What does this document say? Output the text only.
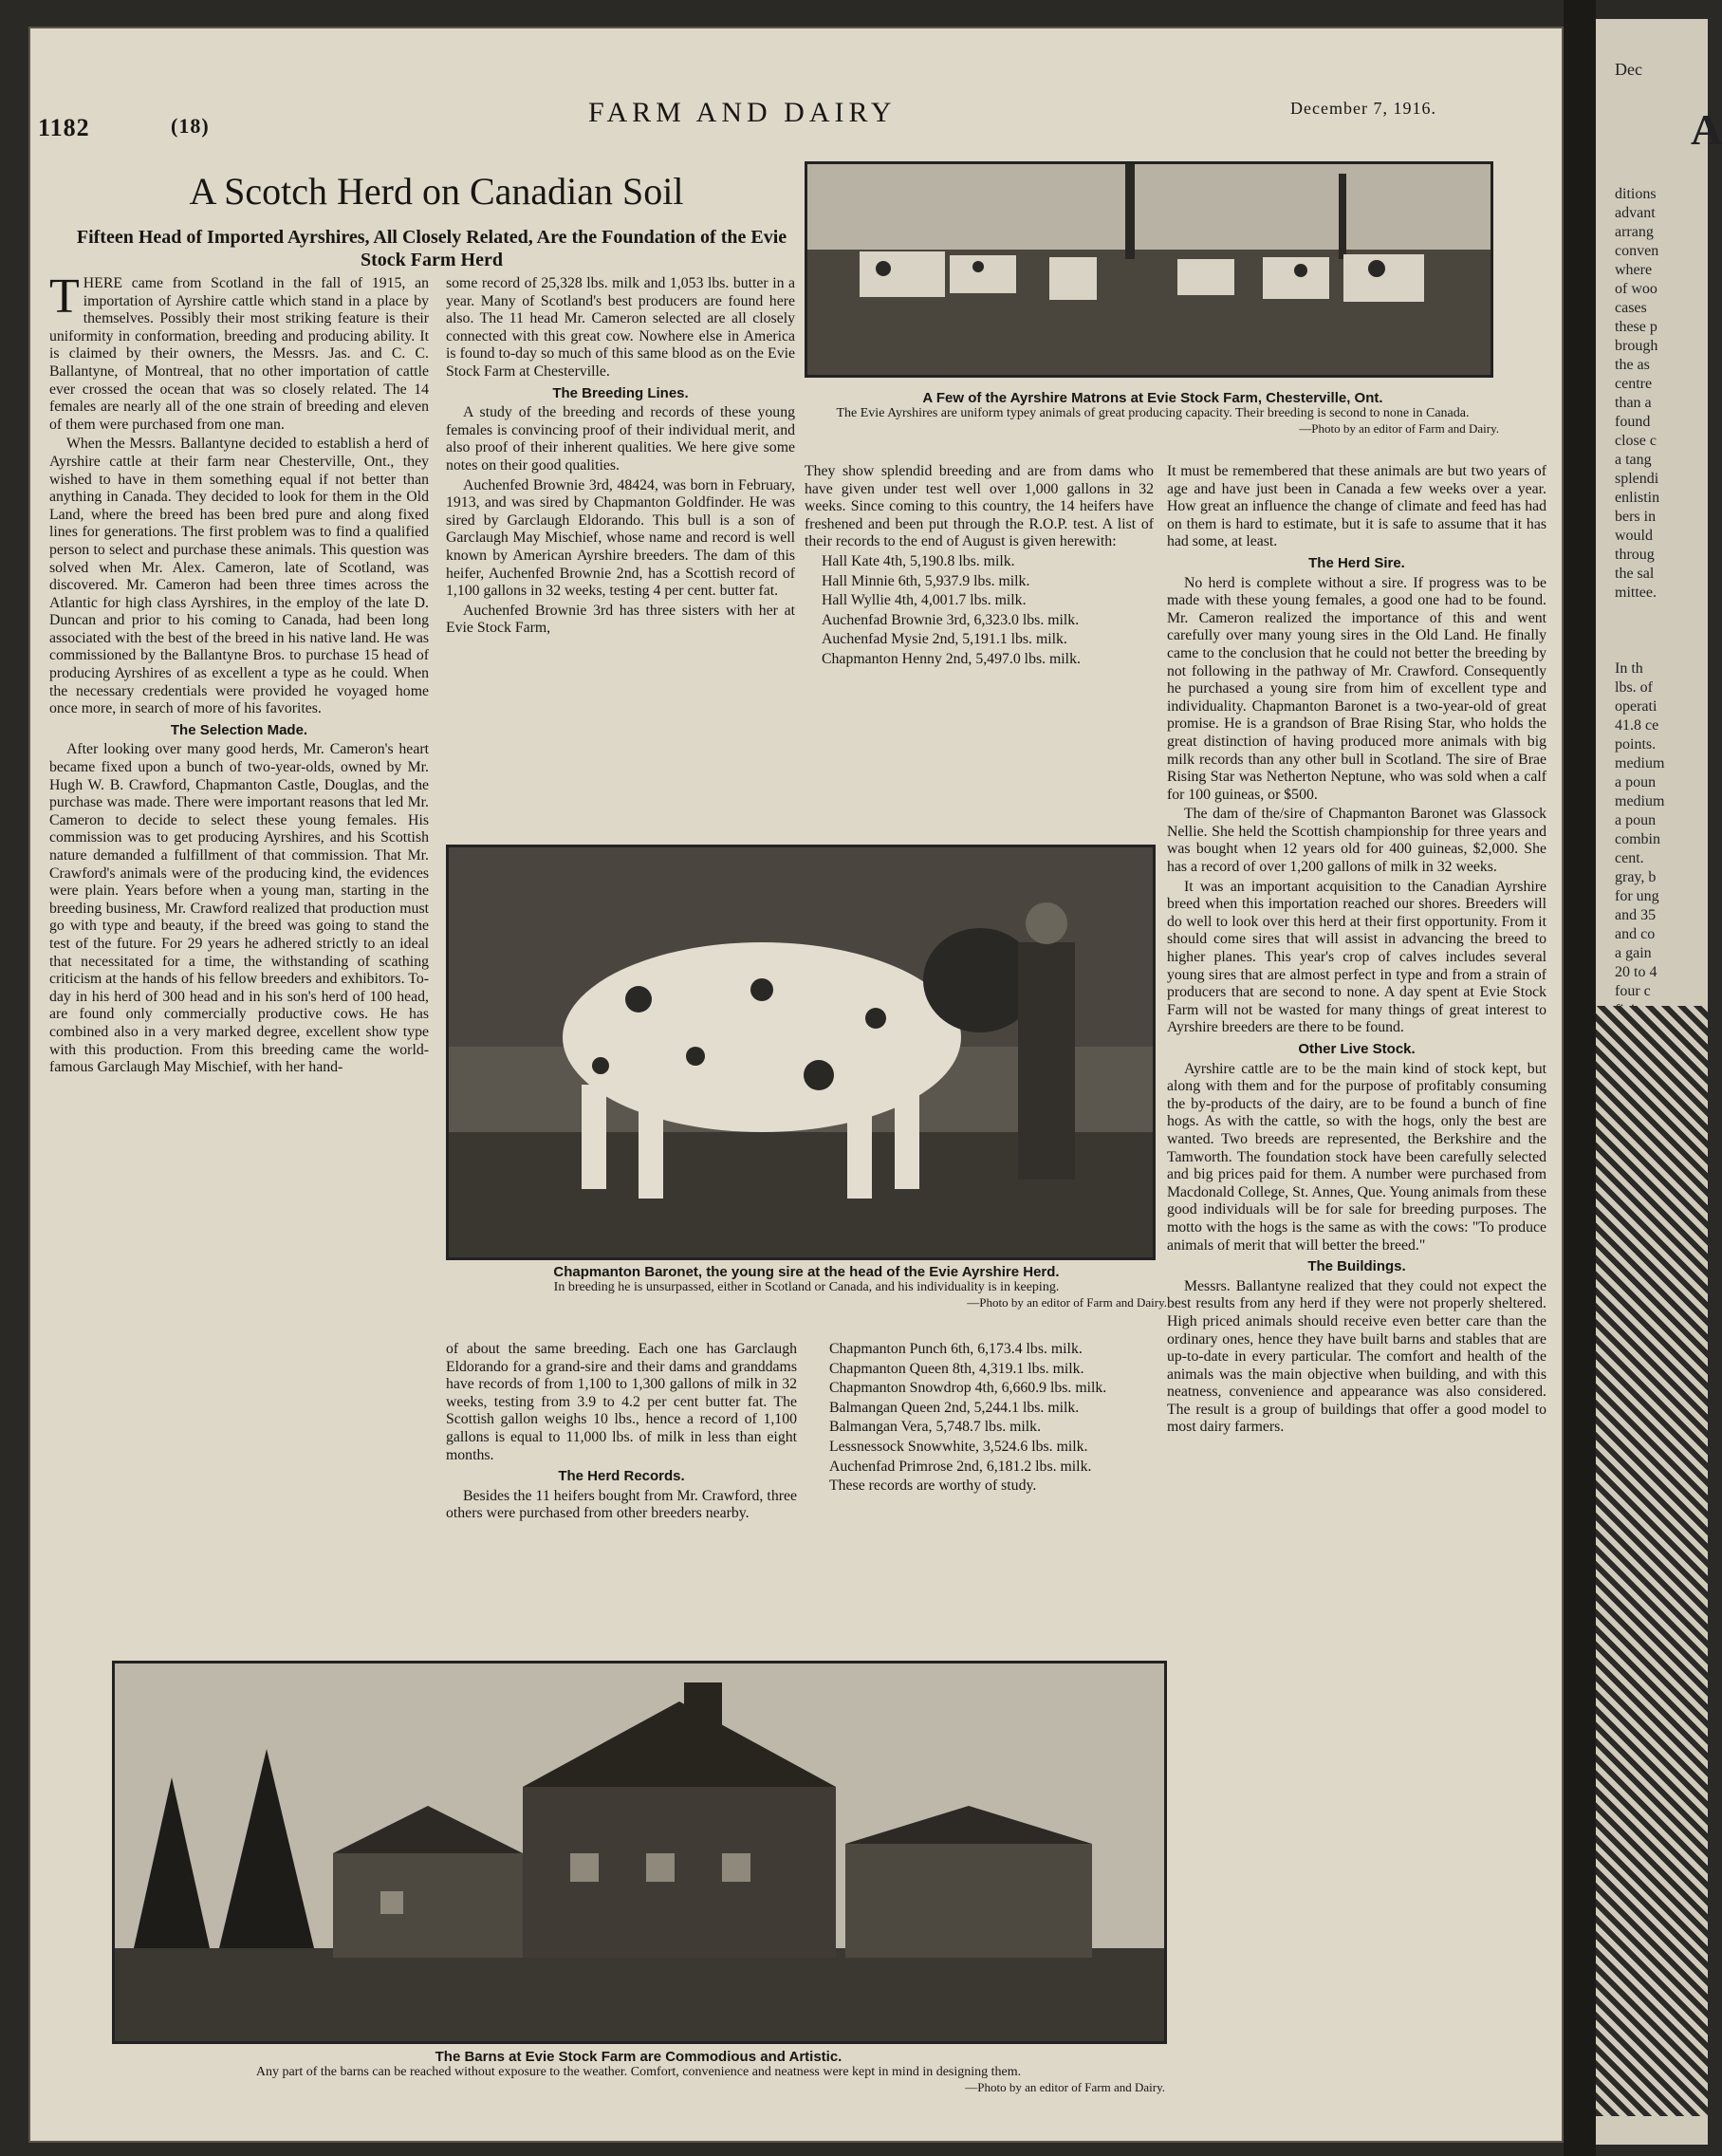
1182	(18)	FARM AND DAIRY	December 7, 1916.
A Scotch Herd on Canadian Soil
Fifteen Head of Imported Ayrshires, All Closely Related, Are the Foundation of the Evie Stock Farm Herd

THERE came from Scotland in the fall of 1915, an importation of Ayrshire cattle which stand in a place by themselves. Possibly their most striking feature is their uniformity in conformation, breeding and producing ability. It is claimed by their owners, the Messrs. Jas. and C. C. Ballantyne, of Montreal, that no other importation of cattle ever crossed the ocean that was so closely related. The 14 females are nearly all of the one strain of breeding and eleven of them were purchased from one man.

When the Messrs. Ballantyne decided to establish a herd of Ayrshire cattle at their farm near Chesterville, Ont., they wished to have in them something equal if not better than anything in Canada. They decided to look for them in the Old Land, where the breed has been bred pure and along fixed lines for generations. The first problem was to find a qualified person to select and purchase these animals. This question was solved when Mr. Alex. Cameron, late of Scotland, was discovered. Mr. Cameron had been three times across the Atlantic for high class Ayrshires, in the employ of the late D. Duncan and prior to his coming to Canada, had been long associated with the best of the breed in his native land. He was commissioned by the Ballantyne Bros. to purchase 15 head of producing Ayrshires of as excellent a type as he could. When the necessary credentials were provided he voyaged home once more, in search of more of his favorites.

The Selection Made.

After looking over many good herds, Mr. Cameron's heart became fixed upon a bunch of two-year-olds, owned by Mr. Hugh W. B. Crawford, Chapmanton Castle, Douglas, and the purchase was made. There were important reasons that led Mr. Cameron to decide to select these young females. His commission was to get producing Ayrshires, and his Scottish nature demanded a fulfillment of that commission. That Mr. Crawford's animals were of the producing kind, the evidences were plain. Years before when a young man, starting in the breeding business, Mr. Crawford realized that production must go with type and beauty, if the breed was going to stand the test of the future. For 29 years he adhered strictly to an ideal that necessitated for a time, the withstanding of scathing criticism at the hands of his fellow breeders and exhibitors. To-day in his herd of 300 head and in his son's herd of 100 head, are found only commercially productive cows. He has combined also in a very marked degree, excellent show type with this production. From this breeding came the world-famous Garclaugh May Mischief, with her hand-

some record of 25,328 lbs. milk and 1,053 lbs. butter in a year. Many of Scotland's best producers are found here also. The 11 head Mr. Cameron selected are all closely connected with this great cow. Nowhere else in America is found to-day so much of this same blood as on the Evie Stock Farm at Chesterville.

The Breeding Lines.

A study of the breeding and records of these young females is convincing proof of their individual merit, and also proof of their inherent qualities. We here give some notes on their good qualities.

Auchenfed Brownie 3rd, 48424, was born in February, 1913, and was sired by Chapmanton Goldfinder. He was sired by Garclaugh Eldorando. This bull is a son of Garclaugh May Mischief, whose name and record is well known by American Ayrshire breeders. The dam of this heifer, Auchenfed Brownie 2nd, has a Scottish record of 1,100 gallons in 32 weeks, testing 4 per cent. butter fat.

Auchenfed Brownie 3rd has three sisters with her at Evie Stock Farm,

A Few of the Ayrshire Matrons at Evie Stock Farm, Chesterville, Ont.
The Evie Ayrshires are uniform typey animals of great producing capacity. Their breeding is second to none in Canada.
—Photo by an editor of Farm and Dairy.

They show splendid breeding and are from dams who have given under test well over 1,000 gallons in 32 weeks. Since coming to this country, the 14 heifers have freshened and been put through the R.O.P. test. A list of their records to the end of August is given herewith:

Hall Kate 4th, 5,190.8 lbs. milk.

Hall Minnie 6th, 5,937.9 lbs. milk.

Hall Wyllie 4th, 4,001.7 lbs. milk.

Auchenfad Brownie 3rd, 6,323.0 lbs. milk.

Auchenfad Mysie 2nd, 5,191.1 lbs. milk.

Chapmanton Henny 2nd, 5,497.0 lbs. milk.

It must be remembered that these animals are but two years of age and have just been in Canada a few weeks over a year. How great an influence the change of climate and feed has had on them is hard to estimate, but it is safe to assume that it has had some, at least.

The Herd Sire.

No herd is complete without a sire. If progress was to be made with these young females, a good one had to be found. Mr. Cameron realized the importance of this and went carefully over many young sires in the Old Land. He finally came to the conclusion that he could not better the breeding by not following in the pathway of Mr. Crawford. Consequently he purchased a young sire from him of excellent type and individuality. Chapmanton Baronet is a two-year-old of great promise. He is a grandson of Brae Rising Star, who holds the great distinction of having produced more animals with big milk records than any other bull in Scotland. The sire of Brae Rising Star was Netherton Neptune, who was sold when a calf for 100 guineas, or $500.

The dam of the/sire of Chapmanton Baronet was Glassock Nellie. She held the Scottish championship for three years and was bought when 12 years old for 400 guineas, $2,000. She has a record of over 1,200 gallons of milk in 32 weeks.

It was an important acquisition to the Canadian Ayrshire breed when this importation reached our shores. Breeders will do well to look over this herd at their first opportunity. From it should come sires that will assist in advancing the breed to higher planes. This year's crop of calves includes several young sires that are almost perfect in type and from a strain of producers that are second to none. A day spent at Evie Stock Farm will not be wasted for many things of great interest to Ayrshire breeders are there to be found.

Other Live Stock.

Ayrshire cattle are to be the main kind of stock kept, but along with them and for the purpose of profitably consuming the by-products of the dairy, are to be found a bunch of fine hogs. As with the cattle, so with the hogs, only the best are wanted. Two breeds are represented, the Berkshire and the Tamworth. The foundation stock have been carefully selected and big prices paid for them. A number were purchased from Macdonald College, St. Annes, Que. Young animals from these good individuals will be for sale for breeding purposes. The motto with the hogs is the same as with the cows: "To produce animals of merit that will better the breed."

The Buildings.

Messrs. Ballantyne realized that they could not expect the best results from any herd if they were not properly sheltered. High priced animals should receive even better care than the ordinary ones, hence they have built barns and stables that are up-to-date in every particular. The comfort and health of the animals was the main objective when building, and with this neatness, convenience and appearance was also considered. The result is a group of buildings that offer a good model to most dairy farmers.

Chapmanton Baronet, the young sire at the head of the Evie Ayrshire Herd.
In breeding he is unsurpassed, either in Scotland or Canada, and his individuality is in keeping.
—Photo by an editor of Farm and Dairy.

of about the same breeding. Each one has Garclaugh Eldorando for a grand-sire and their dams and granddams have records of from 1,100 to 1,300 gallons of milk in 32 weeks, testing from 3.9 to 4.2 per cent butter fat. The Scottish gallon weighs 10 lbs., hence a record of 1,100 gallons is equal to 11,000 lbs. of milk in less than eight months.

The Herd Records.

Besides the 11 heifers bought from Mr. Crawford, three others were purchased from other breeders nearby.

Chapmanton Punch 6th, 6,173.4 lbs. milk.

Chapmanton Queen 8th, 4,319.1 lbs. milk.

Chapmanton Snowdrop 4th, 6,660.9 lbs. milk.

Balmangan Queen 2nd, 5,244.1 lbs. milk.

Balmangan Vera, 5,748.7 lbs. milk.

Lessnessock Snowwhite, 3,524.6 lbs. milk.

Auchenfad Primrose 2nd, 6,181.2 lbs. milk.

These records are worthy of study.

The Barns at Evie Stock Farm are Commodious and Artistic.
Any part of the barns can be reached without exposure to the weather. Comfort, convenience and neatness were kept in mind in designing them.
—Photo by an editor of Farm and Dairy.
Dec
A
ditions
advant
arrang
conven
where
of woo
cases
these p
brough
the as
centre
than a
found
close c
a tang
splendi
enlistin
bers in
would
throug
the sal
mittee.
In th
lbs. of
operati
41.8 ce
points.
medium
a poun
medium
a poun
combin
cent.
gray, b
for ung
and 35
and co
a gain
20 to 4
four c
